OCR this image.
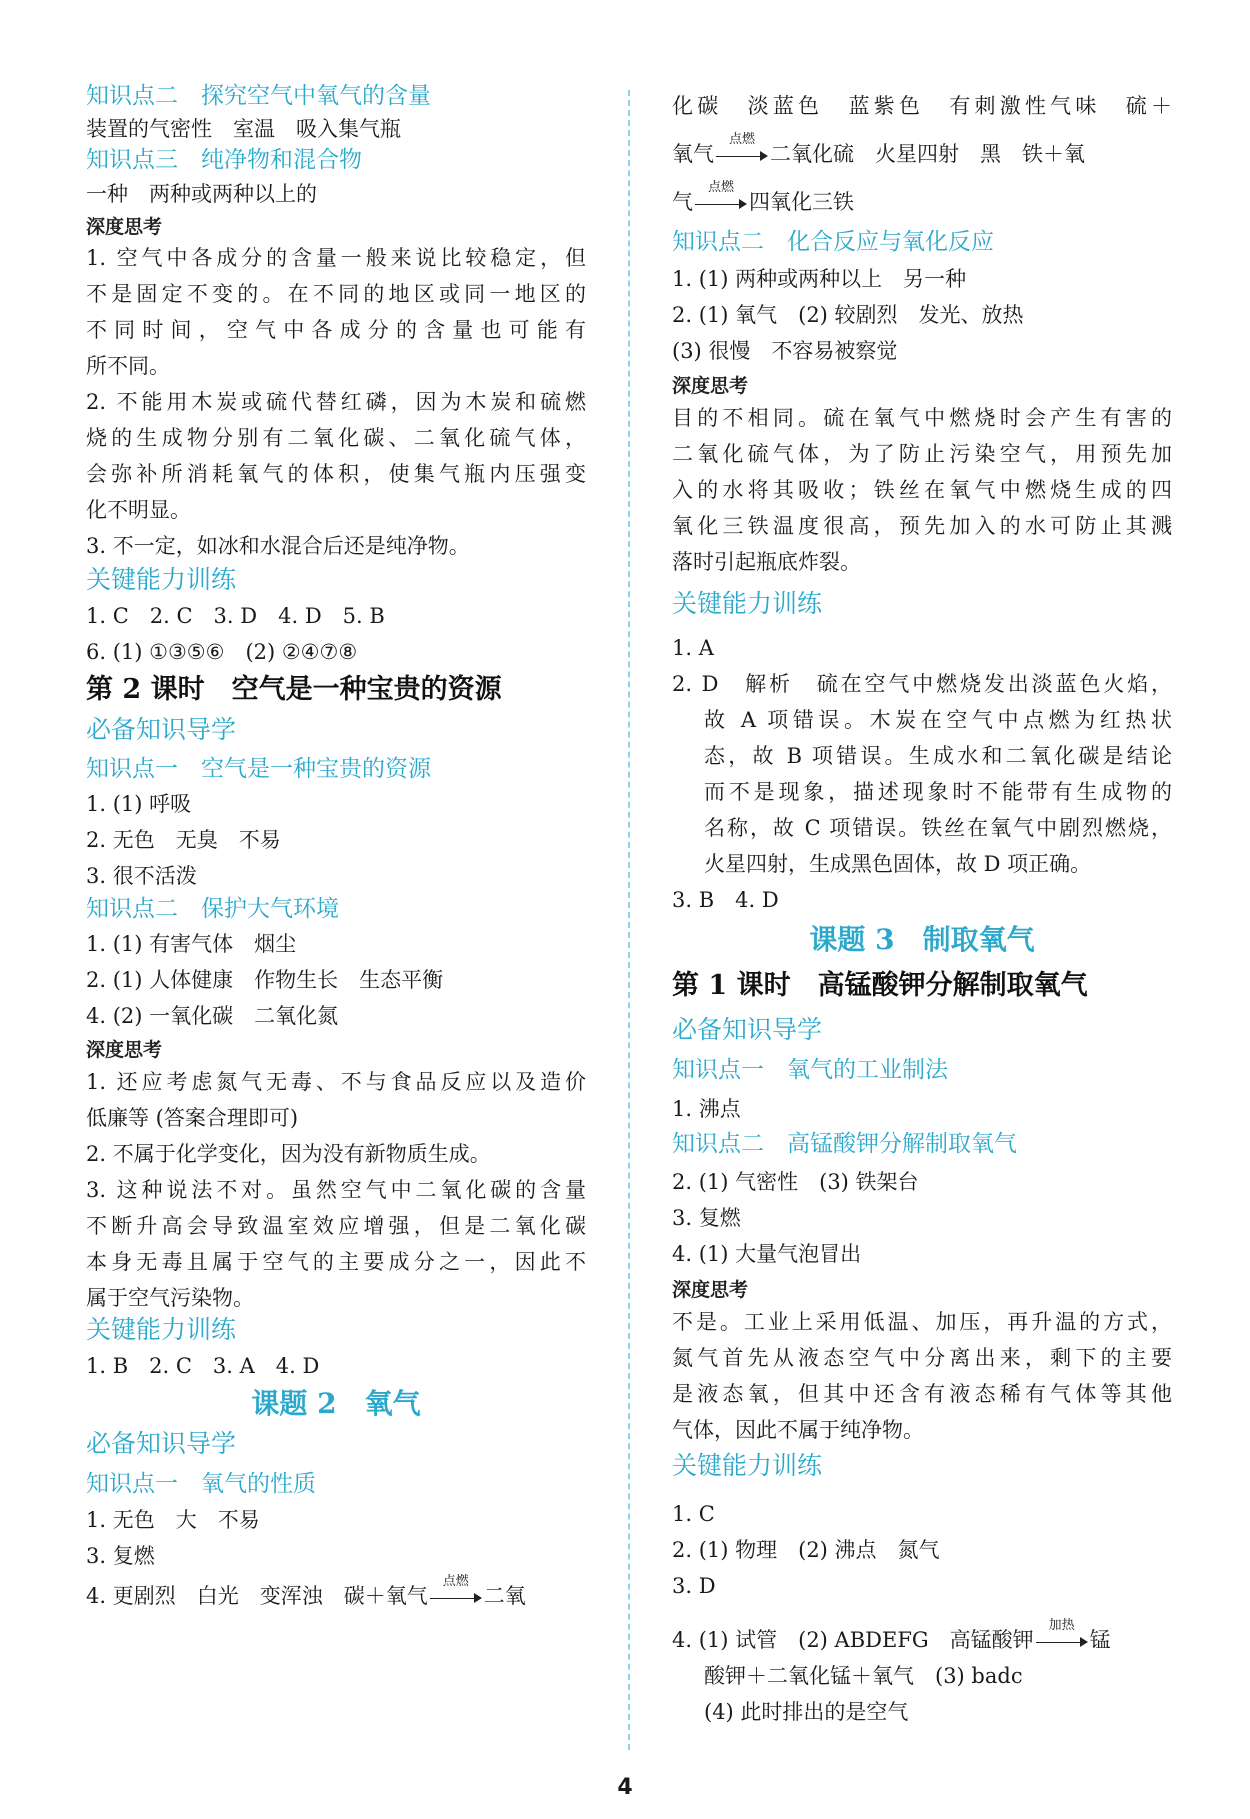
知识点二　探究空气中氧气的含量
装置的气密性　室温　吸入集气瓶
知识点三　纯净物和混合物
一种　两种或两种以上的
深度思考
1. 空气中各成分的含量一般来说比较稳定，但
不是固定不变的。在不同的地区或同一地区的
不同时间，空气中各成分的含量也可能有
所不同。
2. 不能用木炭或硫代替红磷，因为木炭和硫燃
烧的生成物分别有二氧化碳、二氧化硫气体，
会弥补所消耗氧气的体积，使集气瓶内压强变
化不明显。
3. 不一定，如冰和水混合后还是纯净物。
关键能力训练
1. C　2. C　3. D　4. D　5. B
6. (1) ①③⑤⑥　(2) ②④⑦⑧
第 2 课时　空气是一种宝贵的资源
必备知识导学
知识点一　空气是一种宝贵的资源
1. (1) 呼吸
2. 无色　无臭　不易
3. 很不活泼
知识点二　保护大气环境
1. (1) 有害气体　烟尘
2. (1) 人体健康　作物生长　生态平衡
4. (2) 一氧化碳　二氧化氮
深度思考
1. 还应考虑氮气无毒、不与食品反应以及造价
低廉等 (答案合理即可)
2. 不属于化学变化，因为没有新物质生成。
3. 这种说法不对。虽然空气中二氧化碳的含量
不断升高会导致温室效应增强，但是二氧化碳
本身无毒且属于空气的主要成分之一，因此不
属于空气污染物。
关键能力训练
1. B　2. C　3. A　4. D
课题 2　氧气
必备知识导学
知识点一　氧气的性质
1. 无色　大　不易
3. 复燃
4. 更剧烈　白光　变浑浊　碳＋氧气
点燃
二氧
化碳　淡蓝色　蓝紫色　有刺激性气味　硫＋
氧气
点燃
二氧化硫　火星四射　黑　铁＋氧
气
点燃
四氧化三铁
知识点二　化合反应与氧化反应
1. (1) 两种或两种以上　另一种
2. (1) 氧气　(2) 较剧烈　发光、放热
(3) 很慢　不容易被察觉
深度思考
目的不相同。硫在氧气中燃烧时会产生有害的
二氧化硫气体，为了防止污染空气，用预先加
入的水将其吸收；铁丝在氧气中燃烧生成的四
氧化三铁温度很高，预先加入的水可防止其溅
落时引起瓶底炸裂。
关键能力训练
1. A
2. D　解析　硫在空气中燃烧发出淡蓝色火焰，
故 A 项错误。木炭在空气中点燃为红热状
态，故 B 项错误。生成水和二氧化碳是结论
而不是现象，描述现象时不能带有生成物的
名称，故 C 项错误。铁丝在氧气中剧烈燃烧，
火星四射，生成黑色固体，故 D 项正确。
3. B　4. D
课题 3　制取氧气
第 1 课时　高锰酸钾分解制取氧气
必备知识导学
知识点一　氧气的工业制法
1. 沸点
知识点二　高锰酸钾分解制取氧气
2. (1) 气密性　(3) 铁架台
3. 复燃
4. (1) 大量气泡冒出
深度思考
不是。工业上采用低温、加压，再升温的方式，
氮气首先从液态空气中分离出来，剩下的主要
是液态氧，但其中还含有液态稀有气体等其他
气体，因此不属于纯净物。
关键能力训练
1. C
2. (1) 物理　(2) 沸点　氮气
3. D
4. (1) 试管　(2) ABDEFG　高锰酸钾
加热
锰
酸钾＋二氧化锰＋氧气　(3) badc
(4) 此时排出的是空气
4
